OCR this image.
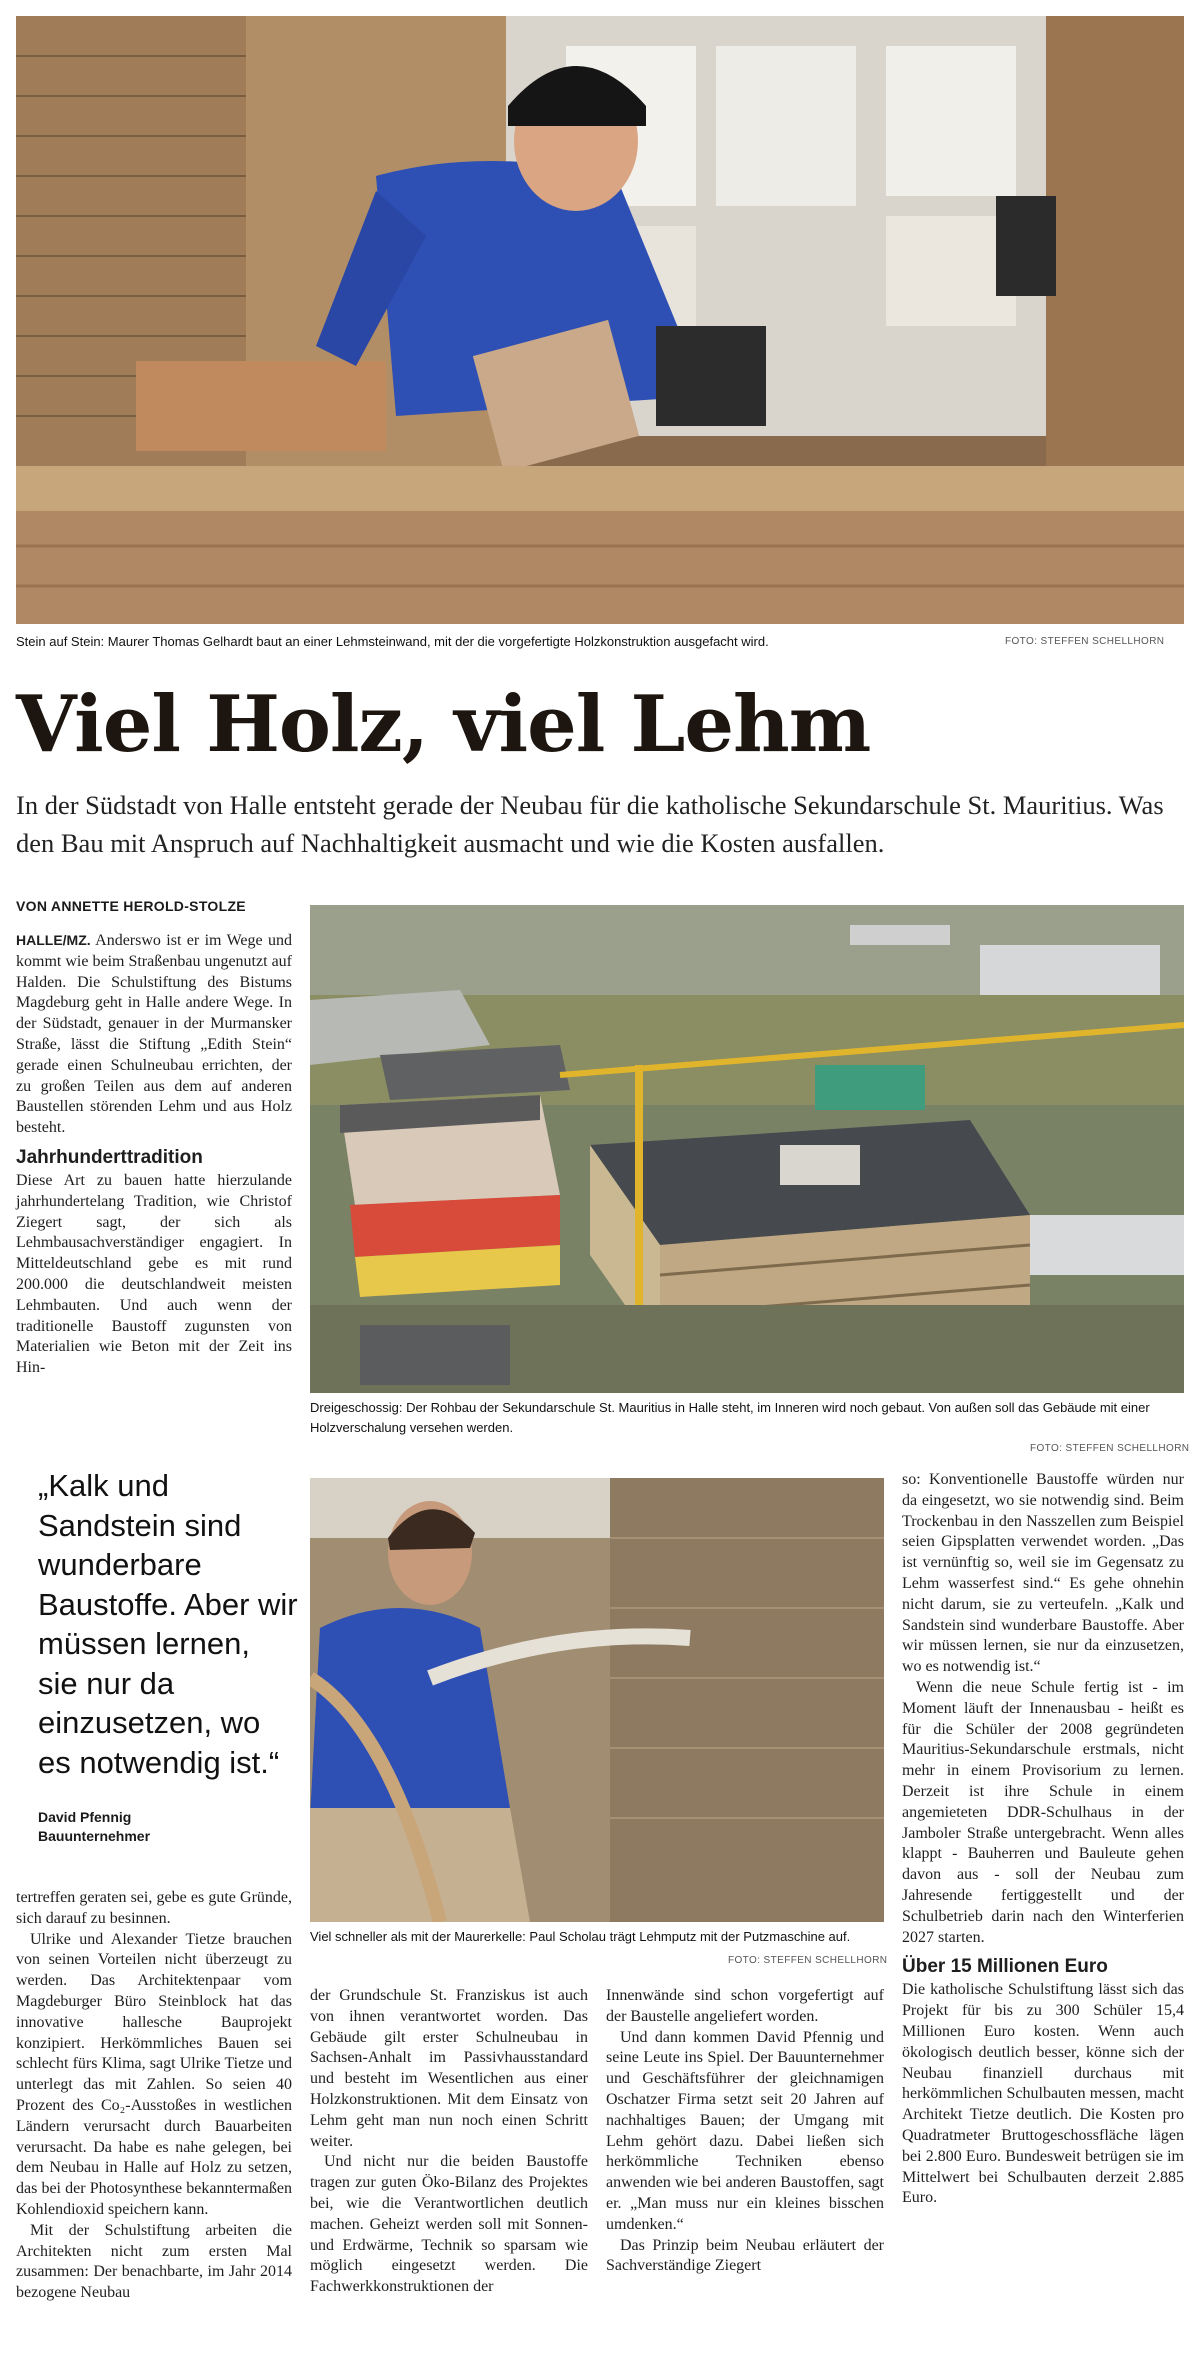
Stein auf Stein: Maurer Thomas Gelhardt baut an einer Lehmsteinwand, mit der die vorgefertigte Holzkonstruktion ausgefacht wird.	FOTO: STEFFEN SCHELLHORN
Viel Holz, viel Lehm
In der Südstadt von Halle entsteht gerade der Neubau für die katholische Sekundarschule St. Mauritius. Was den Bau mit Anspruch auf Nachhaltigkeit ausmacht und wie die Kosten ausfallen.
VON ANNETTE HEROLD-STOLZE

HALLE/MZ. Anderswo ist er im Wege und kommt wie beim Straßenbau ungenutzt auf Halden. Die Schulstiftung des Bistums Magdeburg geht in Halle andere Wege. In der Südstadt, genauer in der Murmansker Straße, lässt die Stiftung „Edith Stein“ gerade einen Schulneubau errichten, der zu großen Teilen aus dem auf anderen Baustellen störenden Lehm und aus Holz besteht.

Jahrhunderttradition

Diese Art zu bauen hatte hierzulande jahrhundertelang Tradition, wie Christof Ziegert sagt, der sich als Lehmbausachverständiger engagiert. In Mitteldeutschland gebe es mit rund 200.000 die deutschlandweit meisten Lehmbauten. Und auch wenn der traditionelle Baustoff zugunsten von Materialien wie Beton mit der Zeit ins Hin-

Dreigeschossig: Der Rohbau der Sekundarschule St. Mauritius in Halle steht, im Inneren wird noch gebaut. Von außen soll das Gebäude mit einer Holzverschalung versehen werden.
FOTO: STEFFEN SCHELLHORN
„Kalk und Sandstein sind wunderbare Baustoffe. Aber wir müssen lernen, sie nur da einzusetzen, wo es notwendig ist.“
David Pfennig
Bauunternehmer
Viel schneller als mit der Maurerkelle: Paul Scholau trägt Lehmputz mit der Putzmaschine auf.
FOTO: STEFFEN SCHELLHORN

tertreffen geraten sei, gebe es gute Gründe, sich darauf zu besinnen.

Ulrike und Alexander Tietze brauchen von seinen Vorteilen nicht überzeugt zu werden. Das Architektenpaar vom Magdeburger Büro Steinblock hat das innovative hallesche Bauprojekt konzipiert. Herkömmliches Bauen sei schlecht fürs Klima, sagt Ulrike Tietze und unterlegt das mit Zahlen. So seien 40 Prozent des Co₂-Ausstoßes in westlichen Ländern verursacht durch Bauarbeiten verursacht. Da habe es nahe gelegen, bei dem Neubau in Halle auf Holz zu setzen, das bei der Photosynthese bekanntermaßen Kohlendioxid speichern kann.

Mit der Schulstiftung arbeiten die Architekten nicht zum ersten Mal zusammen: Der benachbarte, im Jahr 2014 bezogene Neubau

der Grundschule St. Franziskus ist auch von ihnen verantwortet worden. Das Gebäude gilt erster Schulneubau in Sachsen-Anhalt im Passivhausstandard und besteht im Wesentlichen aus einer Holzkonstruktionen. Mit dem Einsatz von Lehm geht man nun noch einen Schritt weiter.

Und nicht nur die beiden Baustoffe tragen zur guten Öko-Bilanz des Projektes bei, wie die Verantwortlichen deutlich machen. Geheizt werden soll mit Sonnen- und Erdwärme, Technik so sparsam wie möglich eingesetzt werden. Die Fachwerkkonstruktionen der

Innenwände sind schon vorgefertigt auf der Baustelle angeliefert worden.

Und dann kommen David Pfennig und seine Leute ins Spiel. Der Bauunternehmer und Geschäftsführer der gleichnamigen Oschatzer Firma setzt seit 20 Jahren auf nachhaltiges Bauen; der Umgang mit Lehm gehört dazu. Dabei ließen sich herkömmliche Techniken ebenso anwenden wie bei anderen Baustoffen, sagt er. „Man muss nur ein kleines bisschen umdenken.“

Das Prinzip beim Neubau erläutert der Sachverständige Ziegert

so: Konventionelle Baustoffe würden nur da eingesetzt, wo sie notwendig sind. Beim Trockenbau in den Nasszellen zum Beispiel seien Gipsplatten verwendet worden. „Das ist vernünftig so, weil sie im Gegensatz zu Lehm wasserfest sind.“ Es gehe ohnehin nicht darum, sie zu verteufeln. „Kalk und Sandstein sind wunderbare Baustoffe. Aber wir müssen lernen, sie nur da einzusetzen, wo es notwendig ist.“

Wenn die neue Schule fertig ist - im Moment läuft der Innenausbau - heißt es für die Schüler der 2008 gegründeten Mauritius-Sekundarschule erstmals, nicht mehr in einem Provisorium zu lernen. Derzeit ist ihre Schule in einem angemieteten DDR-Schulhaus in der Jamboler Straße untergebracht. Wenn alles klappt - Bauherren und Bauleute gehen davon aus - soll der Neubau zum Jahresende fertiggestellt und der Schulbetrieb darin nach den Winterferien 2027 starten.

Über 15 Millionen Euro

Die katholische Schulstiftung lässt sich das Projekt für bis zu 300 Schüler 15,4 Millionen Euro kosten. Wenn auch ökologisch deutlich besser, könne sich der Neubau finanziell durchaus mit herkömmlichen Schulbauten messen, macht Architekt Tietze deutlich. Die Kosten pro Quadratmeter Bruttogeschossfläche lägen bei 2.800 Euro. Bundesweit betrügen sie im Mittelwert bei Schulbauten derzeit 2.885 Euro.
